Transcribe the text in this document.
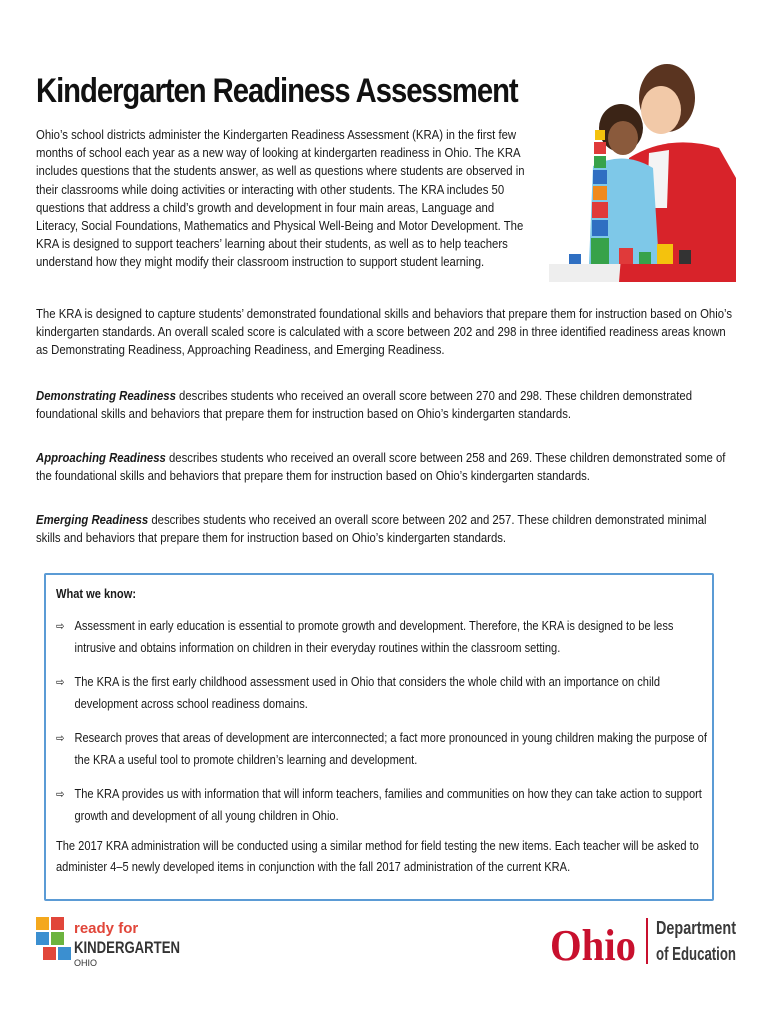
Kindergarten Readiness Assessment
Ohio’s school districts administer the Kindergarten Readiness Assessment (KRA) in the first few months of school each year as a new way of looking at kindergarten readiness in Ohio. The KRA includes questions that the students answer, as well as questions where students are observed in their classrooms while doing activities or interacting with other students. The KRA includes 50 questions that address a child’s growth and development in four main areas, Language and Literacy, Social Foundations, Mathematics and Physical Well-Being and Motor Development. The KRA is designed to support teachers’ learning about their students, as well as to help teachers understand how they might modify their classroom instruction to support student learning.
The KRA is designed to capture students’ demonstrated foundational skills and behaviors that prepare them for instruction based on Ohio’s kindergarten standards. An overall scaled score is calculated with a score between 202 and 298 in three identified readiness areas known as Demonstrating Readiness, Approaching Readiness, and Emerging Readiness.
Demonstrating Readiness describes students who received an overall score between 270 and 298. These children demonstrated foundational skills and behaviors that prepare them for instruction based on Ohio’s kindergarten standards.
Approaching Readiness describes students who received an overall score between 258 and 269. These children demonstrated some of the foundational skills and behaviors that prepare them for instruction based on Ohio’s kindergarten standards.
Emerging Readiness describes students who received an overall score between 202 and 257. These children demonstrated minimal skills and behaviors that prepare them for instruction based on Ohio’s kindergarten standards.
What we know:
⇨ Assessment in early education is essential to promote growth and development. Therefore, the KRA is designed to be less intrusive and obtains information on children in their everyday routines within the classroom setting.
⇨ The KRA is the first early childhood assessment used in Ohio that considers the whole child with an importance on child development across school readiness domains.
⇨ Research proves that areas of development are interconnected; a fact more pronounced in young children making the purpose of the KRA a useful tool to promote children’s learning and development.
⇨ The KRA provides us with information that will inform teachers, families and communities on how they can take action to support growth and development of all young children in Ohio.
The 2017 KRA administration will be conducted using a similar method for field testing the new items. Each teacher will be asked to administer 4–5 newly developed items in conjunction with the fall 2017 administration of the current KRA.
ready for
KINDERGARTEN
OHIO	Ohio Department
of Education
